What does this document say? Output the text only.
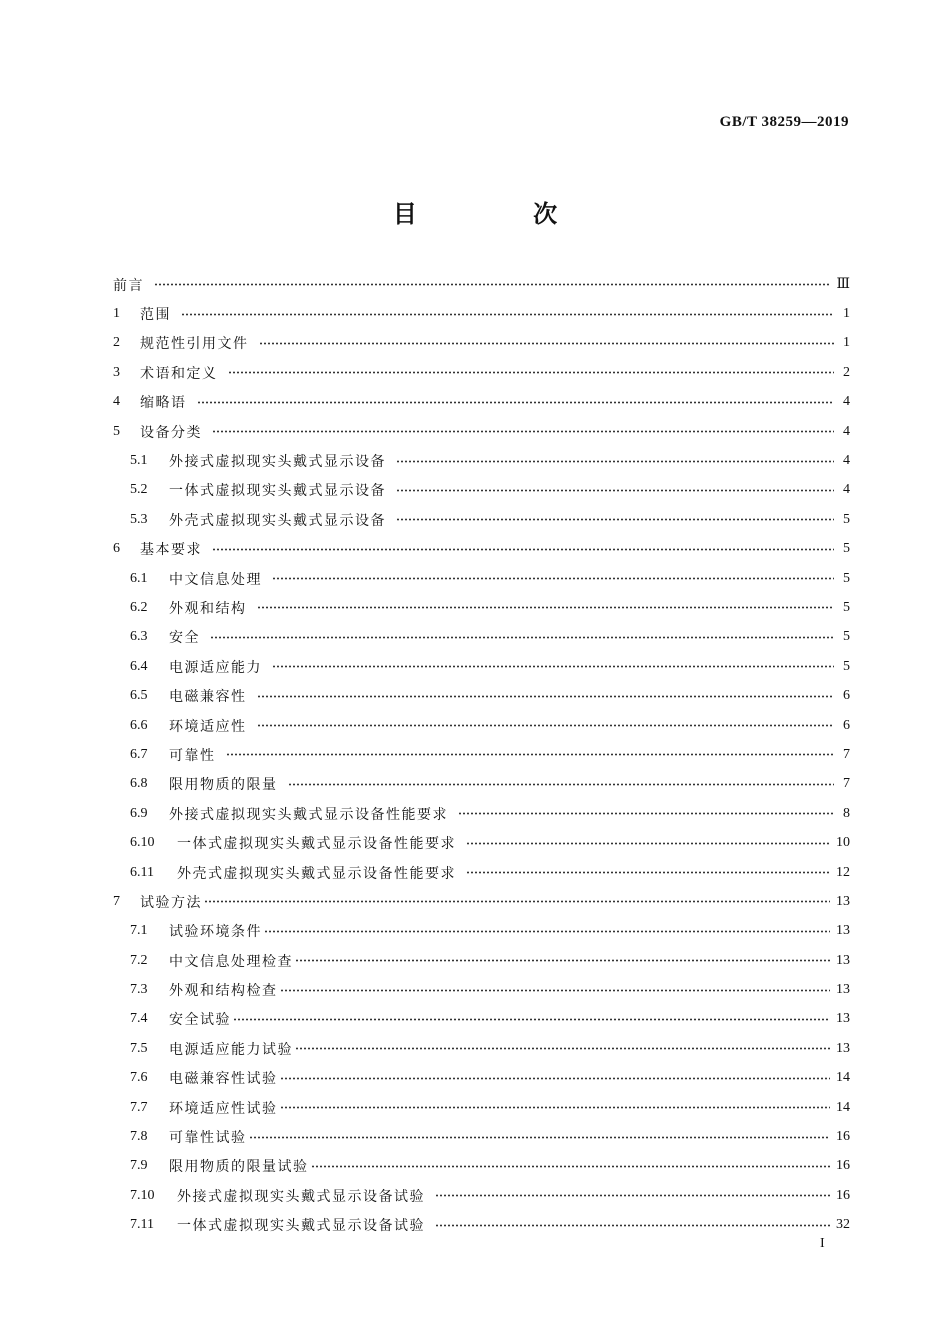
GB/T 38259—2019
目 次
前言	Ⅲ
1	范围	1
2	规范性引用文件	1
3	术语和定义	2
4	缩略语	4
5	设备分类	4
5.1	外接式虚拟现实头戴式显示设备	4
5.2	一体式虚拟现实头戴式显示设备	4
5.3	外壳式虚拟现实头戴式显示设备	5
6	基本要求	5
6.1	中文信息处理	5
6.2	外观和结构	5
6.3	安全	5
6.4	电源适应能力	5
6.5	电磁兼容性	6
6.6	环境适应性	6
6.7	可靠性	7
6.8	限用物质的限量	7
6.9	外接式虚拟现实头戴式显示设备性能要求	8
6.10	一体式虚拟现实头戴式显示设备性能要求	10
6.11	外壳式虚拟现实头戴式显示设备性能要求	12
7	试验方法	13
7.1	试验环境条件	13
7.2	中文信息处理检查	13
7.3	外观和结构检查	13
7.4	安全试验	13
7.5	电源适应能力试验	13
7.6	电磁兼容性试验	14
7.7	环境适应性试验	14
7.8	可靠性试验	16
7.9	限用物质的限量试验	16
7.10	外接式虚拟现实头戴式显示设备试验	16
7.11	一体式虚拟现实头戴式显示设备试验	32
I
